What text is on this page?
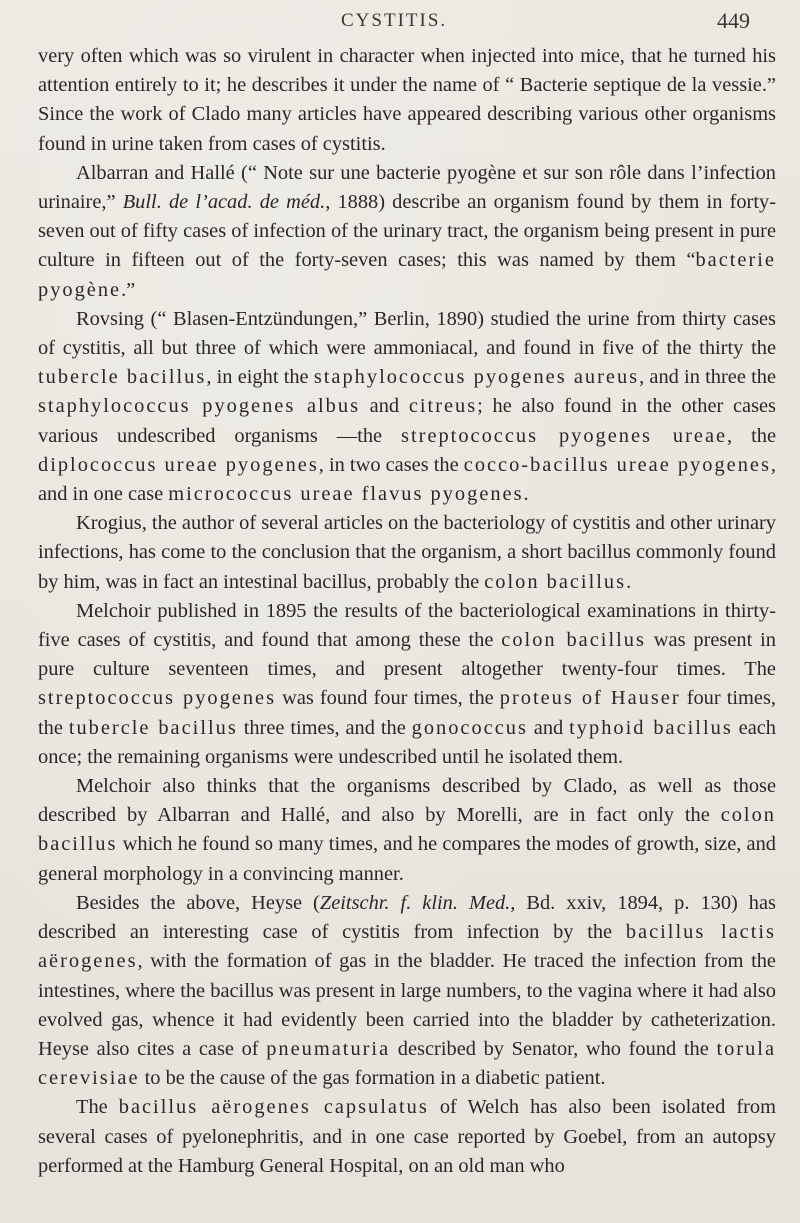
CYSTITIS.	449

very often which was so virulent in character when injected into mice, that he turned his attention entirely to it; he describes it under the name of “ Bacterie septique de la vessie.” Since the work of Clado many articles have appeared describing various other organisms found in urine taken from cases of cystitis.

Albarran and Hallé (“ Note sur une bacterie pyogène et sur son rôle dans l’infection urinaire,” Bull. de l’acad. de méd., 1888) describe an organism found by them in forty-seven out of fifty cases of infection of the urinary tract, the organism being present in pure culture in fifteen out of the forty-seven cases; this was named by them “bacterie pyogène.”

Rovsing (“ Blasen-Entzündungen,” Berlin, 1890) studied the urine from thirty cases of cystitis, all but three of which were ammoniacal, and found in five of the thirty the tubercle bacillus, in eight the staphylococcus pyogenes aureus, and in three the staphylococcus pyogenes albus and citreus; he also found in the other cases various undescribed organisms —the streptococcus pyogenes ureae, the diplococcus ureae pyogenes, in two cases the cocco-bacillus ureae pyogenes, and in one case micrococcus ureae flavus pyogenes.

Krogius, the author of several articles on the bacteriology of cystitis and other urinary infections, has come to the conclusion that the organism, a short bacillus commonly found by him, was in fact an intestinal bacillus, probably the colon bacillus.

Melchoir published in 1895 the results of the bacteriological examinations in thirty-five cases of cystitis, and found that among these the colon bacillus was present in pure culture seventeen times, and present altogether twenty-four times. The streptococcus pyogenes was found four times, the proteus of Hauser four times, the tubercle bacillus three times, and the gonococcus and typhoid bacillus each once; the remaining organisms were undescribed until he isolated them.

Melchoir also thinks that the organisms described by Clado, as well as those described by Albarran and Hallé, and also by Morelli, are in fact only the colon bacillus which he found so many times, and he compares the modes of growth, size, and general morphology in a convincing manner.

Besides the above, Heyse (Zeitschr. f. klin. Med., Bd. xxiv, 1894, p. 130) has described an interesting case of cystitis from infection by the bacillus lactis aërogenes, with the formation of gas in the bladder. He traced the infection from the intestines, where the bacillus was present in large numbers, to the vagina where it had also evolved gas, whence it had evidently been carried into the bladder by catheterization. Heyse also cites a case of pneumaturia described by Senator, who found the torula cerevisiae to be the cause of the gas formation in a diabetic patient.

The bacillus aërogenes capsulatus of Welch has also been isolated from several cases of pyelonephritis, and in one case reported by Goebel, from an autopsy performed at the Hamburg General Hospital, on an old man who
